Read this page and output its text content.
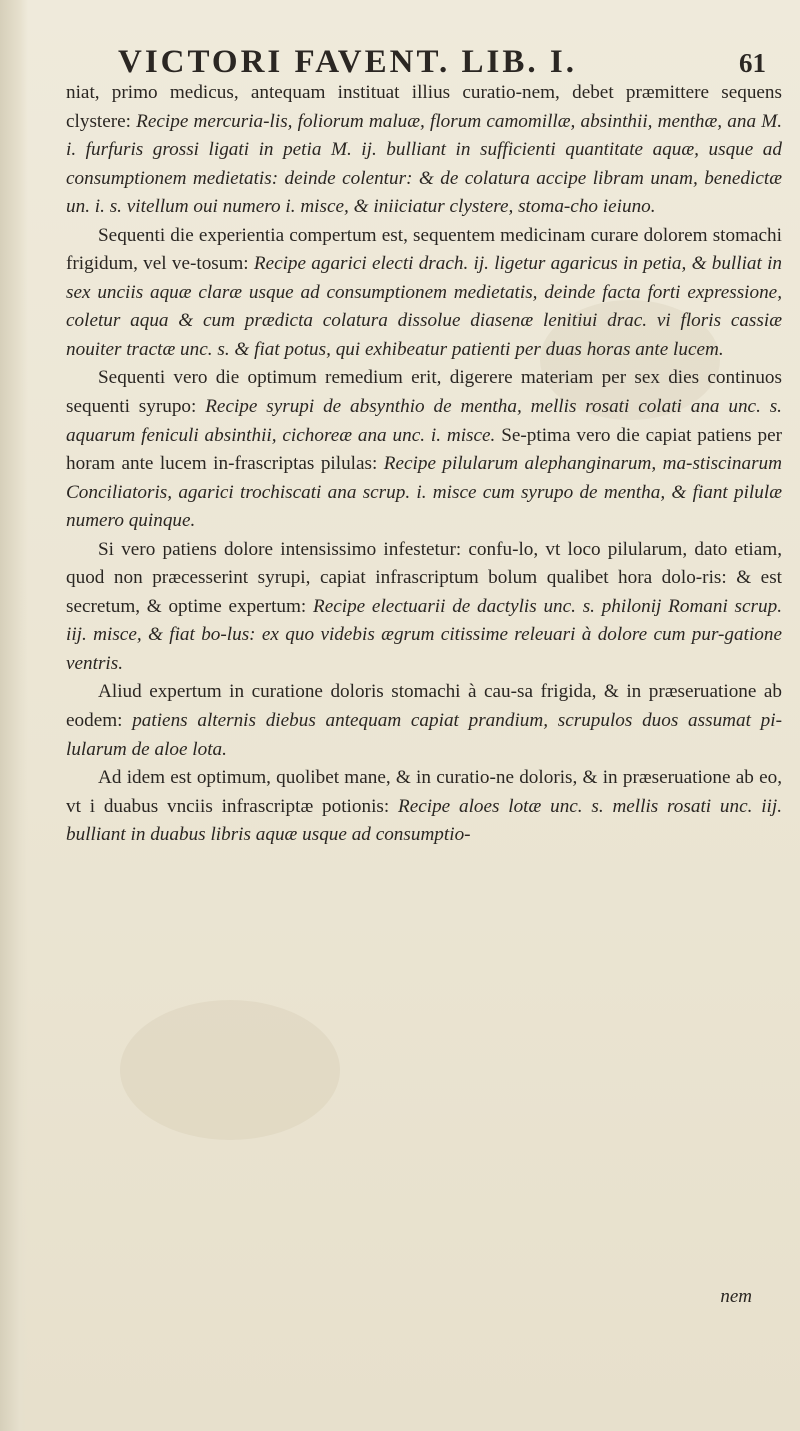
VICTORI FAVENT. LIB. I.	61

niat, primo medicus, antequam instituat illius curatio-nem, debet præmittere sequens clystere: Recipe mercuria-lis, foliorum maluæ, florum camomillæ, absinthii, menthæ, ana M. i. furfuris grossi ligati in petia M. ij. bulliant in sufficienti quantitate aquæ, usque ad consumptionem medietatis: deinde colentur: & de colatura accipe libram unam, benedictæ un. i. s. vitellum oui numero i. misce, & iniiciatur clystere, stoma-cho ieiuno.

Sequenti die experientia compertum est, sequentem medicinam curare dolorem stomachi frigidum, vel ve-tosum: Recipe agarici electi drach. ij. ligetur agaricus in petia, & bulliat in sex unciis aquæ claræ usque ad consumptionem medietatis, deinde facta forti expressione, coletur aqua & cum prædicta colatura dissolue diasenæ lenitiui drac. vi floris cassiæ nouiter tractæ unc. s. & fiat potus, qui exhibeatur patienti per duas horas ante lucem.

Sequenti vero die optimum remedium erit, digerere materiam per sex dies continuos sequenti syrupo: Recipe syrupi de absynthio de mentha, mellis rosati colati ana unc. s. aquarum feniculi absinthii, cichoreæ ana unc. i. misce. Se-ptima vero die capiat patiens per horam ante lucem in-frascriptas pilulas: Recipe pilularum alephanginarum, ma-stiscinarum Conciliatoris, agarici trochiscati ana scrup. i. misce cum syrupo de mentha, & fiant pilulæ numero quinque.

Si vero patiens dolore intensissimo infestetur: confu-lo, vt loco pilularum, dato etiam, quod non præcesserint syrupi, capiat infrascriptum bolum qualibet hora dolo-ris: & est secretum, & optime expertum: Recipe electuarii de dactylis unc. s. philonij Romani scrup. iij. misce, & fiat bo-lus: ex quo videbis ægrum citissime releuari à dolore cum pur-gatione ventris.

Aliud expertum in curatione doloris stomachi à cau-sa frigida, & in præseruatione ab eodem: patiens alternis diebus antequam capiat prandium, scrupulos duos assumat pi-lularum de aloe lota.

Ad idem est optimum, quolibet mane, & in curatio-ne doloris, & in præseruatione ab eo, vt i duabus vnciis infrascriptæ potionis: Recipe aloes lotæ unc. s. mellis rosati unc. iij. bulliant in duabus libris aquæ usque ad consumptio-

nem
